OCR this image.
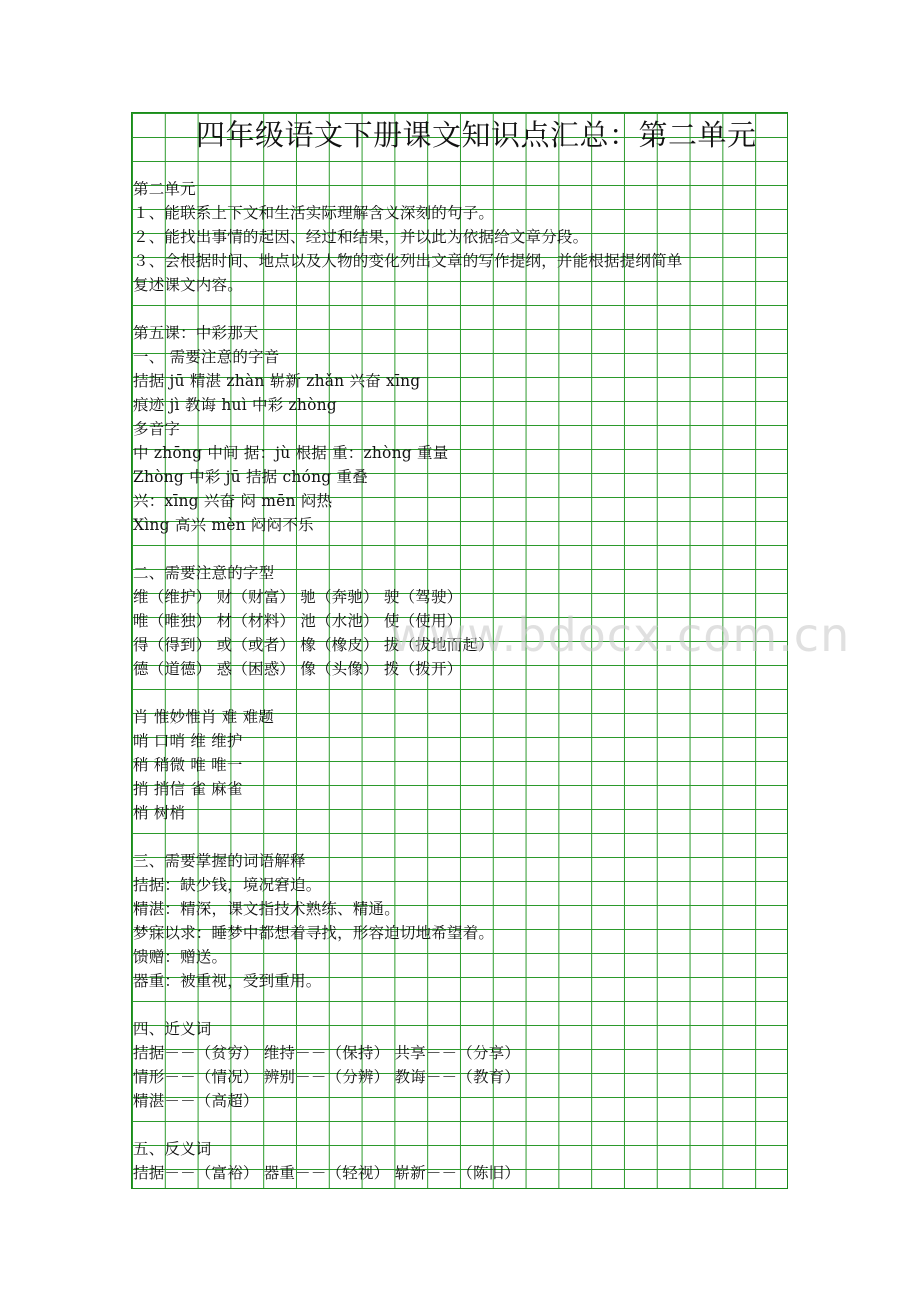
四年级语文下册课文知识点汇总：第二单元
第二单元
１、能联系上下文和生活实际理解含义深刻的句子。
２、能找出事情的起因、经过和结果，并以此为依据给文章分段。
３、会根据时间、地点以及人物的变化列出文章的写作提纲，并能根据提纲简单
复述课文内容。
第五课：中彩那天
一、 需要注意的字音
拮据 jū 精湛 zhàn 崭新 zhǎn 兴奋 xīng
痕迹 jì 教诲 huì 中彩 zhòng
多音字
中 zhōng 中间 据：jù 根据 重：zhòng 重量
Zhòng 中彩 jū 拮据 chóng 重叠
兴：xīng 兴奋 闷 mēn 闷热
Xìng 高兴 mèn 闷闷不乐
二、需要注意的字型
维（维护） 财（财富） 驰（奔驰） 驶（驾驶）
唯（唯独） 材（材料） 池（水池） 使（使用）
得（得到） 或（或者） 橡（橡皮） 拔（拔地而起）
德（道德） 惑（困惑） 像（头像） 拨（拨开）
肖 惟妙惟肖 难 难题
哨 口哨 维 维护
稍 稍微 唯 唯一
捎 捎信 雀 麻雀
梢 树梢
三、需要掌握的词语解释
拮据：缺少钱，境况窘迫。
精湛：精深，课文指技术熟练、精通。
梦寐以求：睡梦中都想着寻找，形容迫切地希望着。
馈赠：赠送。
器重：被重视，受到重用。
四、近义词
拮据－－（贫穷） 维持－－（保持） 共享－－（分享）
情形－－（情况） 辨别－－（分辨） 教诲－－（教育）
精湛－－（高超）
五、反义词
拮据－－（富裕） 器重－－（轻视） 崭新－－（陈旧）
www.bdocx.com.cn
